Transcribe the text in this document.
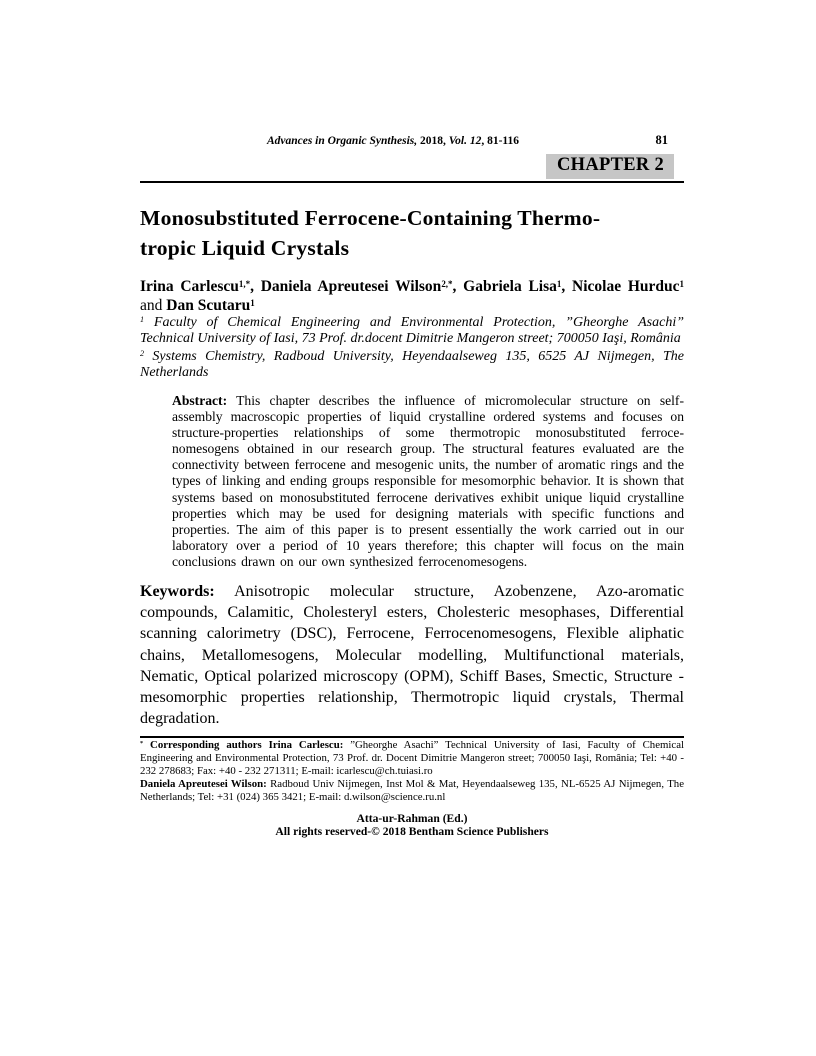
Advances in Organic Synthesis, 2018, Vol. 12, 81-116	81
CHAPTER 2
Monosubstituted Ferrocene-Containing Thermo-
tropic Liquid Crystals
Irina Carlescu$^{1,*}$, Daniela Apreutesei Wilson$^{2,*}$, Gabriela Lisa$^1$, Nicolae Hurduc$^1$ and Dan Scutaru$^1$
$^1$ Faculty of Chemical Engineering and Environmental Protection, ”Gheorghe Asachi” Technical University of Iasi, 73 Prof. dr.docent Dimitrie Mangeron street; 700050 Iaşi, România
$^2$ Systems Chemistry, Radboud University, Heyendaalseweg 135, 6525 AJ Nijmegen, The Netherlands
Abstract: This chapter describes the influence of micromolecular structure on self-assembly macroscopic properties of liquid crystalline ordered systems and focuses on structure-properties relationships of some thermotropic monosubstituted ferroce-nomesogens obtained in our research group. The structural features evaluated are the connectivity between ferrocene and mesogenic units, the number of aromatic rings and the types of linking and ending groups responsible for mesomorphic behavior. It is shown that systems based on monosubstituted ferrocene derivatives exhibit unique liquid crystalline properties which may be used for designing materials with specific functions and properties. The aim of this paper is to present essentially the work carried out in our laboratory over a period of 10 years therefore; this chapter will focus on the main conclusions drawn on our own synthesized ferrocenomesogens.
Keywords: Anisotropic molecular structure, Azobenzene, Azo-aromatic compounds, Calamitic, Cholesteryl esters, Cholesteric mesophases, Differential scanning calorimetry (DSC), Ferrocene, Ferrocenomesogens, Flexible aliphatic chains, Metallomesogens, Molecular modelling, Multifunctional materials, Nematic, Optical polarized microscopy (OPM), Schiff Bases, Smectic, Structure - mesomorphic properties relationship, Thermotropic liquid crystals, Thermal degradation.
* Corresponding authors Irina Carlescu: ”Gheorghe Asachi” Technical University of Iasi, Faculty of Chemical Engineering and Environmental Protection, 73 Prof. dr. Docent Dimitrie Mangeron street; 700050 Iaşi, România; Tel: +40 - 232 278683; Fax: +40 - 232 271311; E-mail: icarlescu@ch.tuiasi.ro
Daniela Apreutesei Wilson: Radboud Univ Nijmegen, Inst Mol & Mat, Heyendaalseweg 135, NL-6525 AJ Nijmegen, The Netherlands; Tel: +31 (024) 365 3421; E-mail: d.wilson@science.ru.nl
Atta-ur-Rahman (Ed.)
All rights reserved-© 2018 Bentham Science Publishers
